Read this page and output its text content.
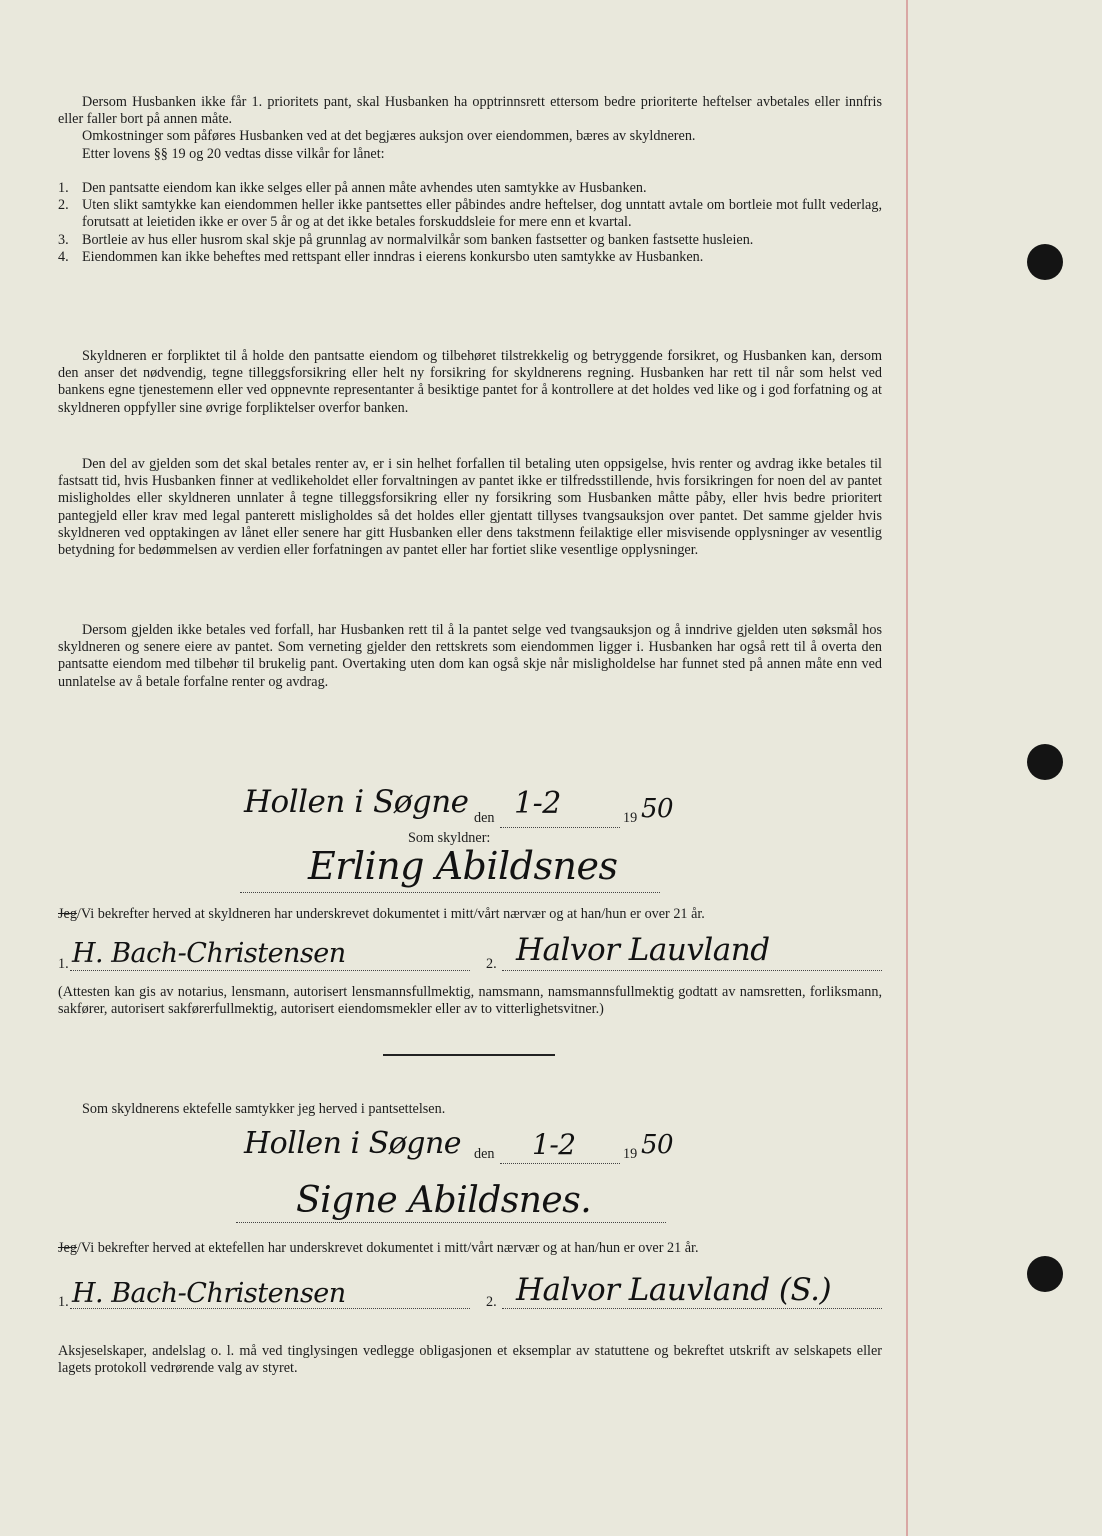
Dersom Husbanken ikke får 1. prioritets pant, skal Husbanken ha opptrinnsrett ettersom bedre prioriterte heftelser avbetales eller innfris eller faller bort på annen måte.

Omkostninger som påføres Husbanken ved at det begjæres auksjon over eiendommen, bæres av skyldneren.

Etter lovens §§ 19 og 20 vedtas disse vilkår for lånet:

1. Den pantsatte eiendom kan ikke selges eller på annen måte avhendes uten samtykke av Husbanken.
2. Uten slikt samtykke kan eiendommen heller ikke pantsettes eller påbindes andre heftelser, dog unntatt avtale om bortleie mot fullt vederlag, forutsatt at leietiden ikke er over 5 år og at det ikke betales forskuddsleie for mere enn et kvartal.
3. Bortleie av hus eller husrom skal skje på grunnlag av normalvilkår som banken fastsetter og banken fastsette husleien.
4. Eiendommen kan ikke beheftes med rettspant eller inndras i eierens konkursbo uten samtykke av Husbanken.

Skyldneren er forpliktet til å holde den pantsatte eiendom og tilbehøret tilstrekkelig og betryggende forsikret, og Husbanken kan, dersom den anser det nødvendig, tegne tilleggsforsikring eller helt ny forsikring for skyldnerens regning. Husbanken har rett til når som helst ved bankens egne tjenestemenn eller ved oppnevnte representanter å besiktige pantet for å kontrollere at det holdes ved like og i god forfatning og at skyldneren oppfyller sine øvrige forpliktelser overfor banken.

Den del av gjelden som det skal betales renter av, er i sin helhet forfallen til betaling uten oppsigelse, hvis renter og avdrag ikke betales til fastsatt tid, hvis Husbanken finner at vedlikeholdet eller forvaltningen av pantet ikke er tilfredsstillende, hvis forsikringen for noen del av pantet misligholdes eller skyldneren unnlater å tegne tilleggsforsikring eller ny forsikring som Husbanken måtte påby, eller hvis bedre prioritert pantegjeld eller krav med legal panterett misligholdes så det holdes eller gjentatt tillyses tvangsauksjon over pantet. Det samme gjelder hvis skyldneren ved opptakingen av lånet eller senere har gitt Husbanken eller dens takstmenn feilaktige eller misvisende opplysninger av vesentlig betydning for bedømmelsen av verdien eller forfatningen av pantet eller har fortiet slike vesentlige opplysninger.

Dersom gjelden ikke betales ved forfall, har Husbanken rett til å la pantet selge ved tvangsauksjon og å inndrive gjelden uten søksmål hos skyldneren og senere eiere av pantet. Som verneting gjelder den rettskrets som eiendommen ligger i. Husbanken har også rett til å overta den pantsatte eiendom med tilbehør til brukelig pant. Overtaking uten dom kan også skje når misligholdelse har funnet sted på annen måte enn ved unnlatelse av å betale forfalne renter og avdrag.

Hollen i Søgne den 1-2	19 50
Som skyldner:
Erling Abildsnes
Jeg/Vi bekrefter herved at skyldneren har underskrevet dokumentet i mitt/vårt nærvær og at han/hun er over 21 år.
1. H. Bach-Christensen	2. Halvor Lauvland

(Attesten kan gis av notarius, lensmann, autorisert lensmannsfullmektig, namsmann, namsmannsfullmektig godtatt av namsretten, forliksmann, sakfører, autorisert sakførerfullmektig, autorisert eiendomsmekler eller av to vitterlighetsvitner.)

Som skyldnerens ektefelle samtykker jeg herved i pantsettelsen.
Hollen i Søgne den 1-2	19 50
Signe Abildsnes.
Jeg/Vi bekrefter herved at ektefellen har underskrevet dokumentet i mitt/vårt nærvær og at han/hun er over 21 år.
1. H. Bach-Christensen	2. Halvor Lauvland (S.)

Aksjeselskaper, andelslag o. l. må ved tinglysingen vedlegge obligasjonen et eksemplar av statuttene og bekreftet utskrift av selskapets eller lagets protokoll vedrørende valg av styret.
